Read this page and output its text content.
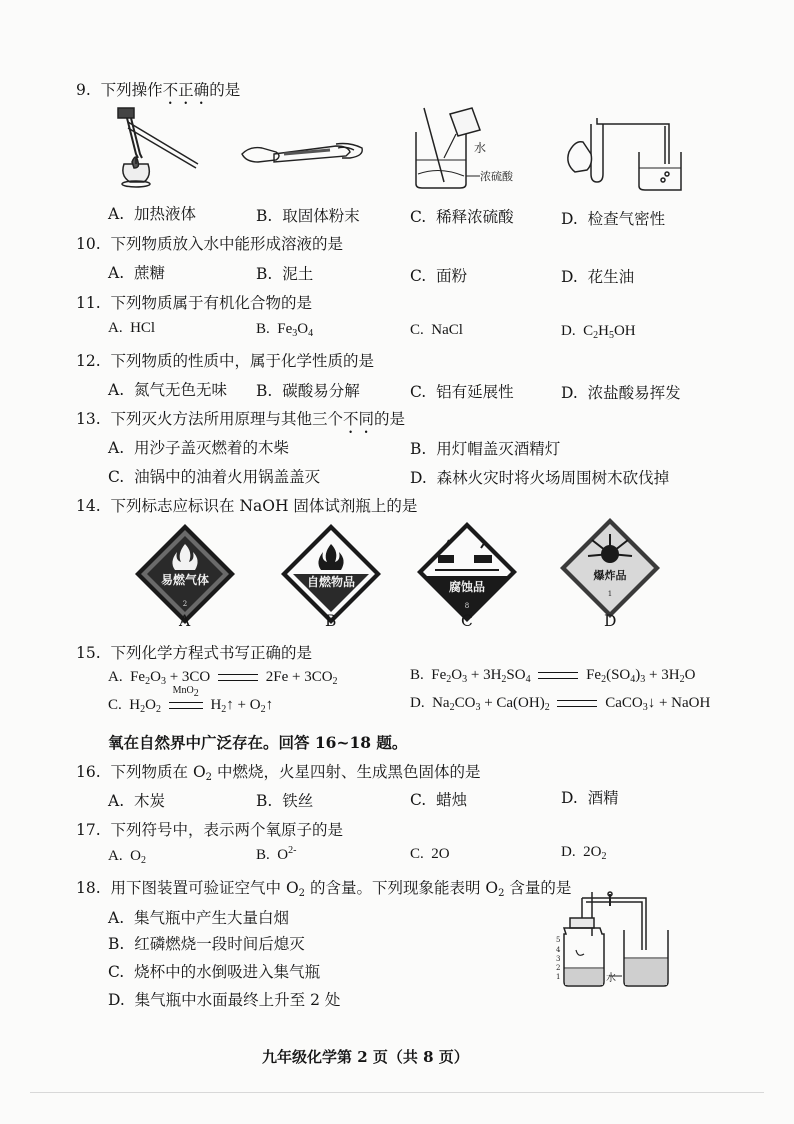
9. 下列操作不正确的是
水
浓硫酸
A. 加热液体	B. 取固体粉末	C. 稀释浓硫酸	D. 检查气密性
10. 下列物质放入水中能形成溶液的是
A. 蔗糖	B. 泥土	C. 面粉	D. 花生油
11. 下列物质属于有机化合物的是
A. HCl	B. $Fe_3O_4$	C. NaCl	D. $C_2H_5OH$
12. 下列物质的性质中，属于化学性质的是
A. 氮气无色无味 B. 碳酸易分解	C. 铝有延展性	D. 浓盐酸易挥发
13. 下列灭火方法所用原理与其他三个不同的是
A. 用沙子盖灭燃着的木柴	B. 用灯帽盖灭酒精灯
C. 油锅中的油着火用锅盖盖灭	D. 森林火灾时将火场周围树木砍伐掉
14. 下列标志应标识在 NaOH 固体试剂瓶上的是
易燃气体
2
A
自燃物品
B
腐蚀品
8
C
爆炸品
1
D
15. 下列化学方程式书写正确的是
A. $Fe_2O_3 + 3CO$	$2Fe + 3CO_2$	B. $Fe_2O_3 + 3H_2SO_4$	$Fe_2(SO_4)_3 + 3H_2O$
C. $H_2O_2$
MnO$_2$
$H_2↑$ + $O_2↑$	D. $Na_2CO_3 + Ca(OH)_2$	CaCO$_3$↓ + NaOH
氧在自然界中广泛存在。回答 16~18 题。
16. 下列物质在 $O_2$ 中燃烧，火星四射、生成黑色固体的是
A. 木炭	B. 铁丝	C. 蜡烛	D. 酒精
17. 下列符号中，表示两个氧原子的是
A. $O_2$	B. $O^{2-}$	C. 2O	D. $2O_2$
18. 用下图装置可验证空气中 $O_2$ 的含量。下列现象能表明 $O_2$ 含量的是
A. 集气瓶中产生大量白烟
B. 红磷燃烧一段时间后熄灭
C. 烧杯中的水倒吸进入集气瓶
D. 集气瓶中水面最终上升至 2 处
5
4
3
2
1	水
九年级化学第 2 页（共 8 页）
